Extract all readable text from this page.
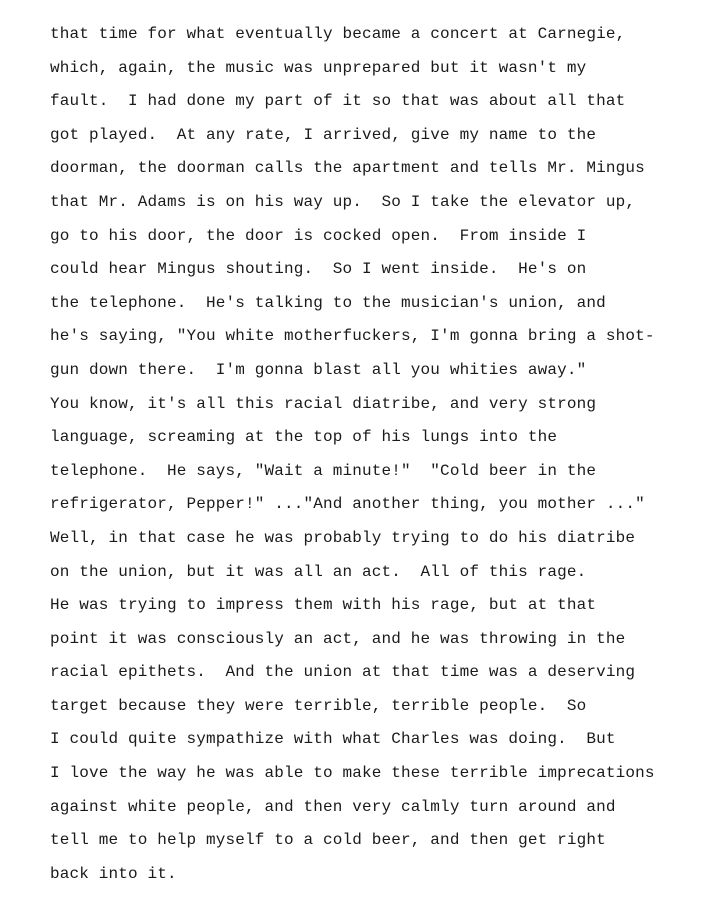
that time for what eventually became a concert at Carnegie,
which, again, the music was unprepared but it wasn't my
fault.  I had done my part of it so that was about all that
got played.  At any rate, I arrived, give my name to the
doorman, the doorman calls the apartment and tells Mr. Mingus
that Mr. Adams is on his way up.  So I take the elevator up,
go to his door, the door is cocked open.  From inside I
could hear Mingus shouting.  So I went inside.  He's on
the telephone.  He's talking to the musician's union, and
he's saying, "You white motherfuckers, I'm gonna bring a shot-
gun down there.  I'm gonna blast all you whities away."
You know, it's all this racial diatribe, and very strong
language, screaming at the top of his lungs into the
telephone.  He says, "Wait a minute!"  "Cold beer in the
refrigerator, Pepper!" ..."And another thing, you mother ..."
Well, in that case he was probably trying to do his diatribe
on the union, but it was all an act.  All of this rage.
He was trying to impress them with his rage, but at that
point it was consciously an act, and he was throwing in the
racial epithets.  And the union at that time was a deserving
target because they were terrible, terrible people.  So
I could quite sympathize with what Charles was doing.  But
I love the way he was able to make these terrible imprecations
against white people, and then very calmly turn around and
tell me to help myself to a cold beer, and then get right
back into it.
